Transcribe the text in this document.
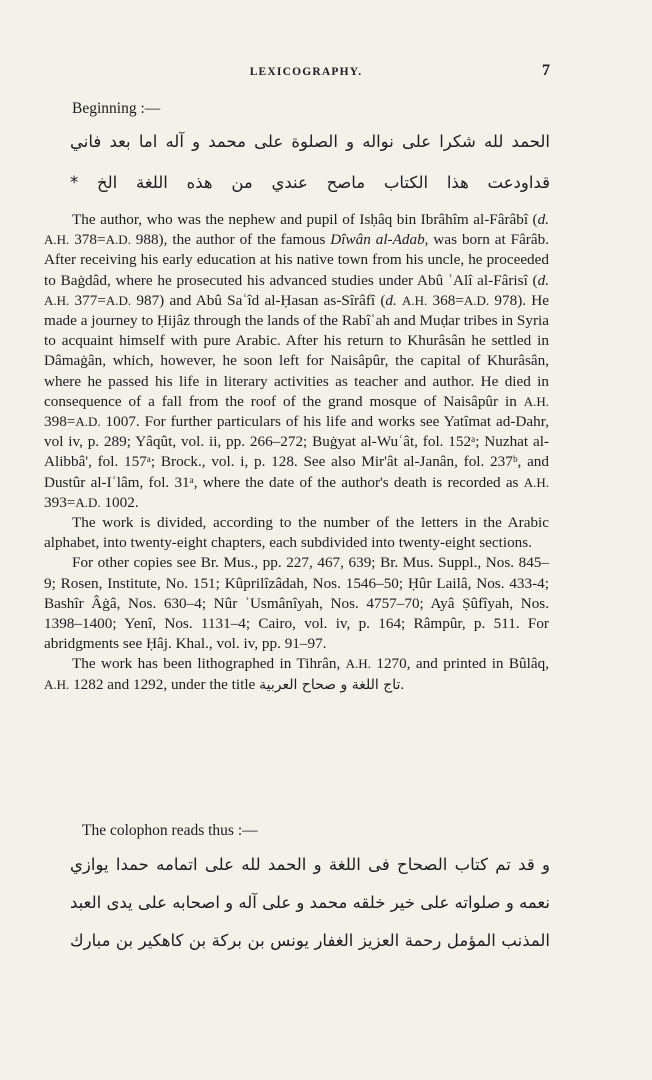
LEXICOGRAPHY.	7
Beginning :—
الحمد لله شكرا على نواله و الصلوة على محمد و آله اما بعد فاني
قداودعت هذا الكتاب ماصح عندي من هذه اللغة الخ *

The author, who was the nephew and pupil of Isḥâq bin Ibrâhîm al-Fârâbî (d. A.H. 378=A.D. 988), the author of the famous Dîwân al-Adab, was born at Fârâb. After receiving his early education at his native town from his uncle, he proceeded to Baġdâd, where he prosecuted his advanced studies under Abû ʿAlî al-Fârisî (d. A.H. 377=A.D. 987) and Abû Saʿîd al-Ḥasan as-Sîrâfî (d. A.H. 368=A.D. 978). He made a journey to Ḥijâz through the lands of the Rabîʿah and Muḍar tribes in Syria to acquaint himself with pure Arabic. After his return to Khurâsân he settled in Dâmaġân, which, however, he soon left for Naisâpûr, the capital of Khurâsân, where he passed his life in literary activities as teacher and author. He died in consequence of a fall from the roof of the grand mosque of Naisâpûr in A.H. 398=A.D. 1007. For further particulars of his life and works see Yatîmat ad-Dahr, vol iv, p. 289; Yâqût, vol. ii, pp. 266–272; Buġyat al-Wuʿât, fol. 152ᵃ; Nuzhat al-Alibbâ', fol. 157ᵃ; Brock., vol. i, p. 128. See also Mir'ât al-Janân, fol. 237ᵇ, and Dustûr al-Iʿlâm, fol. 31ᵃ, where the date of the author's death is recorded as A.H. 393=A.D. 1002.

The work is divided, according to the number of the letters in the Arabic alphabet, into twenty-eight chapters, each subdivided into twenty-eight sections.

For other copies see Br. Mus., pp. 227, 467, 639; Br. Mus. Suppl., Nos. 845–9; Rosen, Institute, No. 151; Kûprilîzâdah, Nos. 1546–50; Ḥûr Lailâ, Nos. 433-4; Bashîr Âġâ, Nos. 630–4; Nûr ʿUsmânîyah, Nos. 4757–70; Ayâ Ṣûfîyah, Nos. 1398–1400; Yenî, Nos. 1131–4; Cairo, vol. iv, p. 164; Râmpûr, p. 511. For abridgments see Ḥâj. Khal., vol. iv, pp. 91–97.

The work has been lithographed in Tihrân, A.H. 1270, and printed in Bûlâq, A.H. 1282 and 1292, under the title تاج اللغة و صحاح العربية.

The colophon reads thus :—
و قد تم كتاب الصحاح فى اللغة و الحمد لله على اتمامه حمدا يوازي
نعمه و صلواته على خير خلقه محمد و على آله و اصحابه على يدى العبد
المذنب المؤمل رحمة العزيز الغفار يونس بن بركة بن كاهكير بن مبارك
